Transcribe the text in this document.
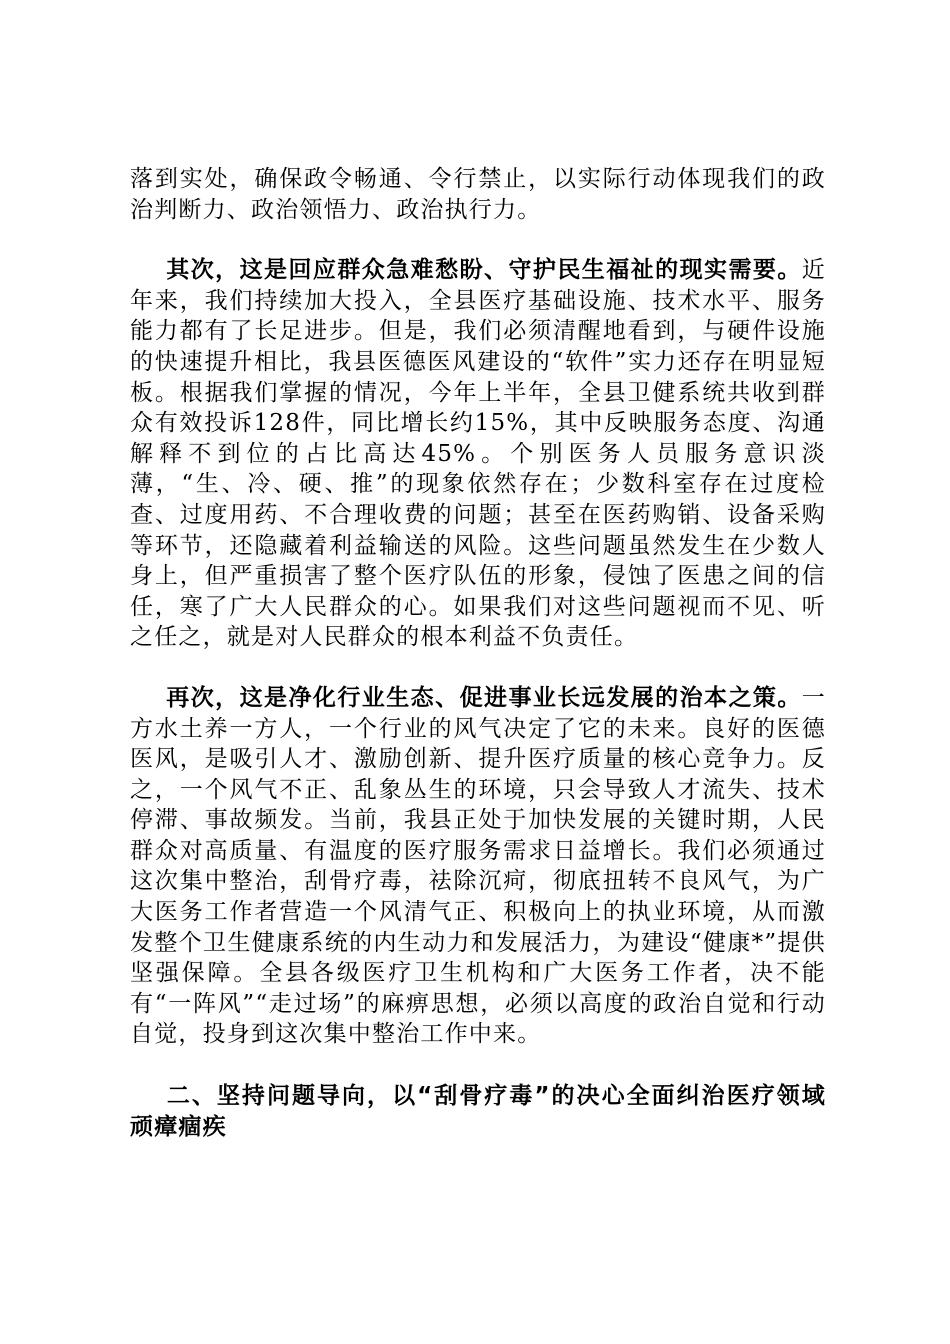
落到实处，确保政令畅通、令行禁止，以实际行动体现我们的政治判断力、政治领悟力、政治执行力。

其次，这是回应群众急难愁盼、守护民生福祉的现实需要。近年来，我们持续加大投入，全县医疗基础设施、技术水平、服务能力都有了长足进步。但是，我们必须清醒地看到，与硬件设施的快速提升相比，我县医德医风建设的“软件”实力还存在明显短板。根据我们掌握的情况，今年上半年，全县卫健系统共收到群众有效投诉128件，同比增长约15%，其中反映服务态度、沟通解释不到位的占比高达45%。个别医务人员服务意识淡薄，“生、冷、硬、推”的现象依然存在；少数科室存在过度检查、过度用药、不合理收费的问题；甚至在医药购销、设备采购等环节，还隐藏着利益输送的风险。这些问题虽然发生在少数人身上，但严重损害了整个医疗队伍的形象，侵蚀了医患之间的信任，寒了广大人民群众的心。如果我们对这些问题视而不见、听之任之，就是对人民群众的根本利益不负责任。

再次，这是净化行业生态、促进事业长远发展的治本之策。一方水土养一方人，一个行业的风气决定了它的未来。良好的医德医风，是吸引人才、激励创新、提升医疗质量的核心竞争力。反之，一个风气不正、乱象丛生的环境，只会导致人才流失、技术停滞、事故频发。当前，我县正处于加快发展的关键时期，人民群众对高质量、有温度的医疗服务需求日益增长。我们必须通过这次集中整治，刮骨疗毒，祛除沉疴，彻底扭转不良风气，为广大医务工作者营造一个风清气正、积极向上的执业环境，从而激发整个卫生健康系统的内生动力和发展活力，为建设“健康*”提供坚强保障。全县各级医疗卫生机构和广大医务工作者，决不能有“一阵风”“走过场”的麻痹思想，必须以高度的政治自觉和行动自觉，投身到这次集中整治工作中来。

二、坚持问题导向，以“刮骨疗毒”的决心全面纠治医疗领域顽瘴痼疾
